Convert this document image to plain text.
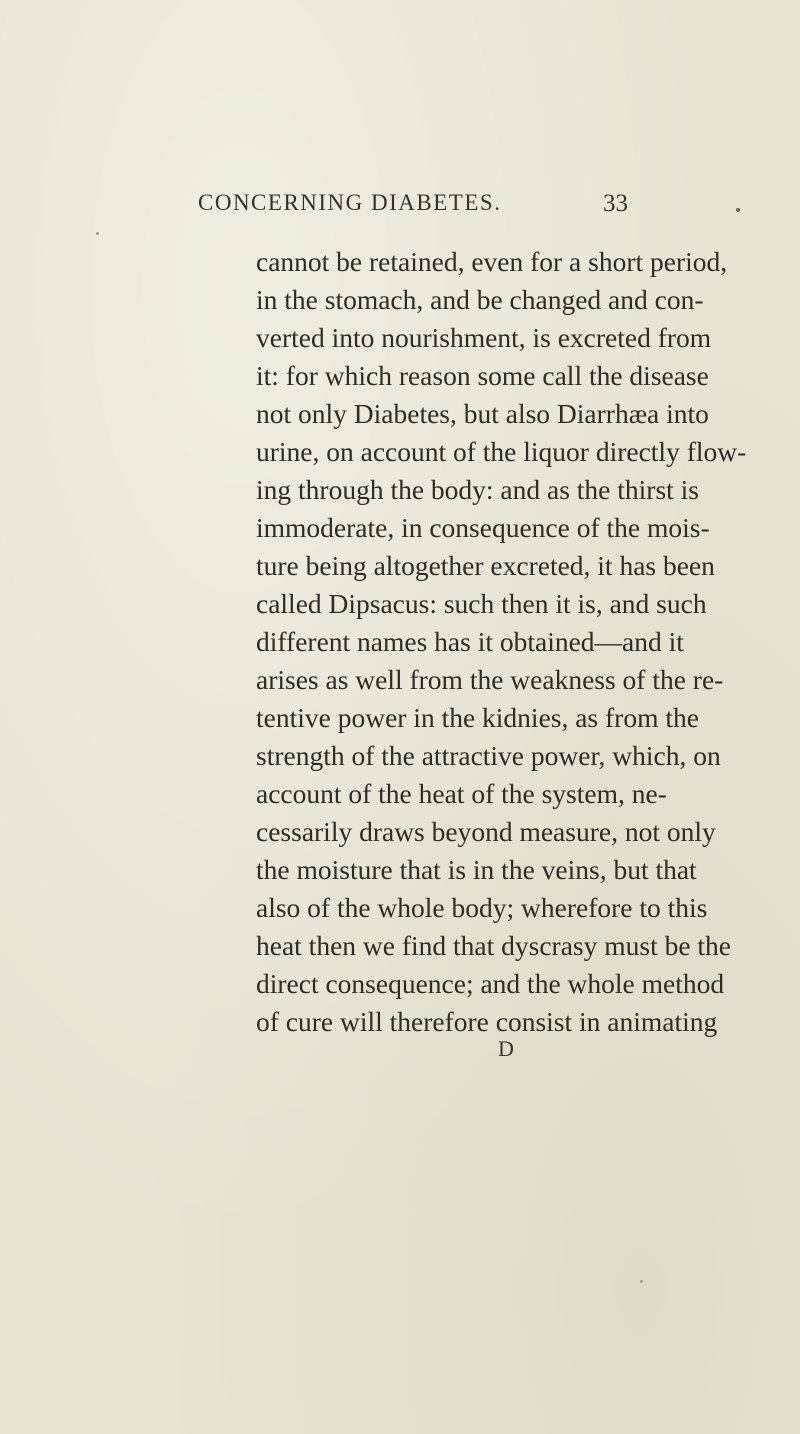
CONCERNING DIABETES.	33
cannot be retained, even for a short period,
in the stomach, and be changed and con-
verted into nourishment, is excreted from
it: for which reason some call the disease
not only Diabetes, but also Diarrhæa into
urine, on account of the liquor directly flow-
ing through the body: and as the thirst is
immoderate, in consequence of the mois-
ture being altogether excreted, it has been
called Dipsacus: such then it is, and such
different names has it obtained—and it
arises as well from the weakness of the re-
tentive power in the kidnies, as from the
strength of the attractive power, which, on
account of the heat of the system, ne-
cessarily draws beyond measure, not only
the moisture that is in the veins, but that
also of the whole body; wherefore to this
heat then we find that dyscrasy must be the
direct consequence; and the whole method
of cure will therefore consist in animating
D
